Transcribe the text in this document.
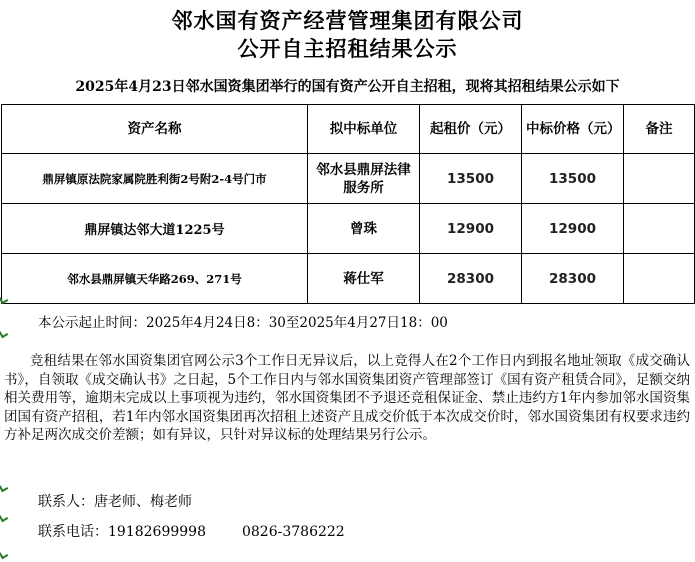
邻水国有资产经营管理集团有限公司
公开自主招租结果公示
2025年4月23日邻水国资集团举行的国有资产公开自主招租，现将其招租结果公示如下
资产名称	拟中标单位	起租价（元）	中标价格（元）	备注
鼎屏镇原法院家属院胜利街2号附2-4号门市	邻水县鼎屏法律服务所	13500	13500	
鼎屏镇达邻大道1225号	曾珠	12900	12900	
邻水县鼎屏镇天华路269、271号	蒋仕军	28300	28300	
本公示起止时间：2025年4月24日8：30至2025年4月27日18：00
竞租结果在邻水国资集团官网公示3个工作日无异议后，以上竞得人在2个工作日内到报名地址领取《成交确认书》，自领取《成交确认书》之日起，5个工作日内与邻水国资集团资产管理部签订《国有资产租赁合同》，足额交纳相关费用等，逾期未完成以上事项视为违约，邻水国资集团不予退还竞租保证金、禁止违约方1年内参加邻水国资集团国有资产招租，若1年内邻水国资集团再次招租上述资产且成交价低于本次成交价时，邻水国资集团有权要求违约方补足两次成交价差额；如有异议，只针对异议标的处理结果另行公示。
联系人：唐老师、梅老师
联系电话：19182699998	0826-3786222
